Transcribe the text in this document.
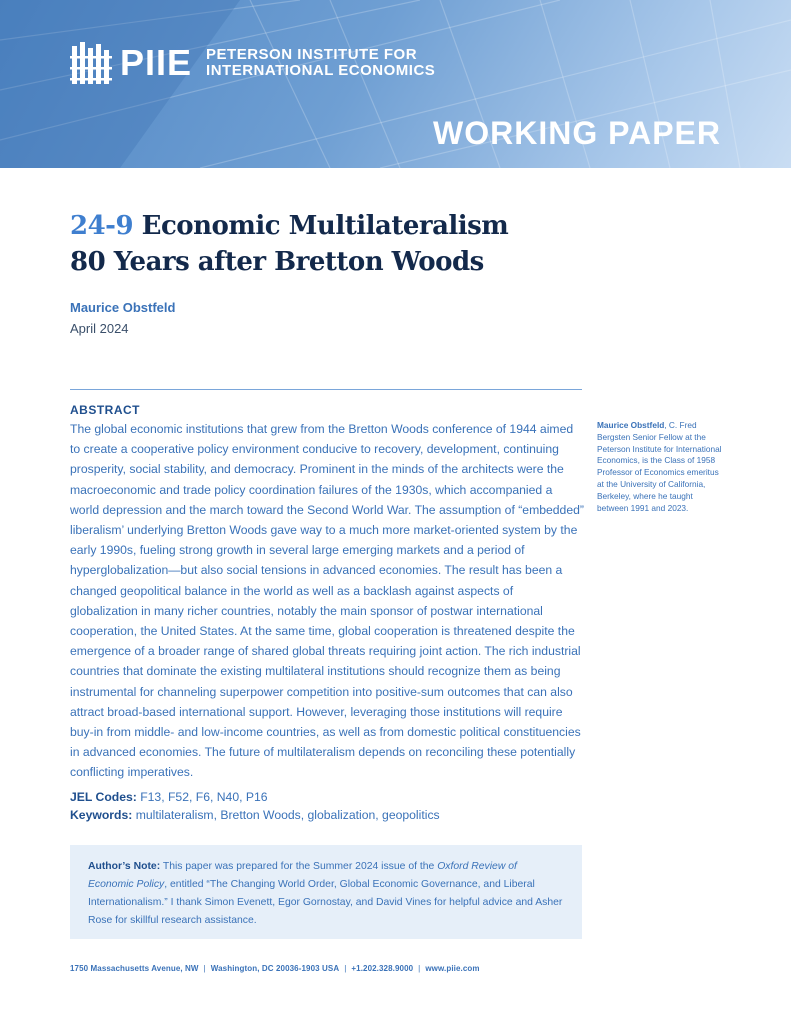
PIIE PETERSON INSTITUTE FOR
INTERNATIONAL ECONOMICS
WORKING PAPER
24-9 Economic Multilateralism
80 Years after Bretton Woods
Maurice Obstfeld
April 2024
ABSTRACT
The global economic institutions that grew from the Bretton Woods conference of 1944 aimed to create a cooperative policy environment conducive to recovery, development, continuing prosperity, social stability, and democracy. Prominent in the minds of the architects were the macroeconomic and trade policy coordination failures of the 1930s, which accompanied a world depression and the march toward the Second World War. The assumption of “embedded” liberalism’ underlying Bretton Woods gave way to a much more market-oriented system by the early 1990s, fueling strong growth in several large emerging markets and a period of hyperglobalization—but also social tensions in advanced economies. The result has been a changed geopolitical balance in the world as well as a backlash against aspects of globalization in many richer countries, notably the main sponsor of postwar international cooperation, the United States. At the same time, global cooperation is threatened despite the emergence of a broader range of shared global threats requiring joint action. The rich industrial countries that dominate the existing multilateral institutions should recognize them as being instrumental for channeling superpower competition into positive-sum outcomes that can also attract broad-based international support. However, leveraging those institutions will require buy-in from middle- and low-income countries, as well as from domestic political constituencies in advanced economies. The future of multilateralism depends on reconciling these potentially conflicting imperatives.
Maurice Obstfeld, C. Fred Bergsten Senior Fellow at the Peterson Institute for International Economics, is the Class of 1958 Professor of Economics emeritus at the University of California, Berkeley, where he taught between 1991 and 2023.
JEL Codes: F13, F52, F6, N40, P16
Keywords: multilateralism, Bretton Woods, globalization, geopolitics
Author’s Note: This paper was prepared for the Summer 2024 issue of the Oxford Review of Economic Policy, entitled “The Changing World Order, Global Economic Governance, and Liberal Internationalism.” I thank Simon Evenett, Egor Gornostay, and David Vines for helpful advice and Asher Rose for skillful research assistance.
1750 Massachusetts Avenue, NW | Washington, DC 20036-1903 USA | +1.202.328.9000 | www.piie.com
